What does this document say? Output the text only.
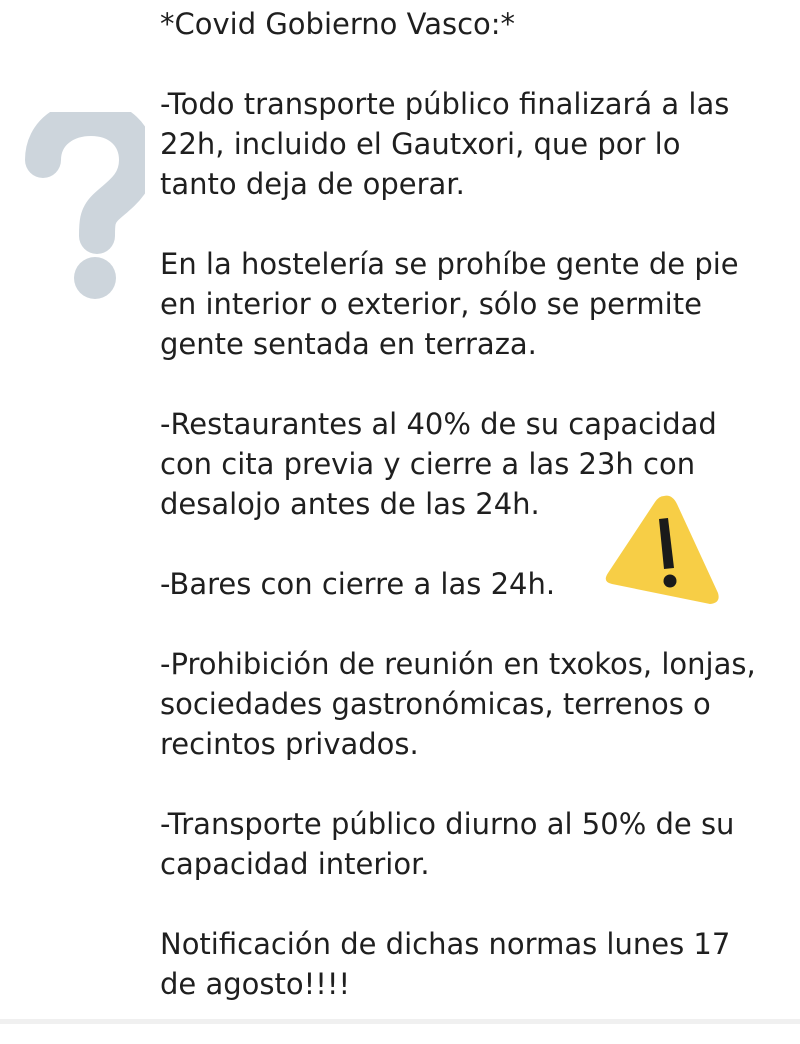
*Covid Gobierno Vasco:*

-Todo transporte público finalizará a las
22h, incluido el Gautxori, que por lo
tanto deja de operar.

En la hostelería se prohíbe gente de pie
en interior o exterior, sólo se permite
gente sentada en terraza.

-Restaurantes al 40% de su capacidad
con cita previa y cierre a las 23h con
desalojo antes de las 24h.

-Bares con cierre a las 24h.

-Prohibición de reunión en txokos, lonjas,
sociedades gastronómicas, terrenos o
recintos privados.

-Transporte público diurno al 50% de su
capacidad interior.

Notificación de dichas normas lunes 17
de agosto!!!!
